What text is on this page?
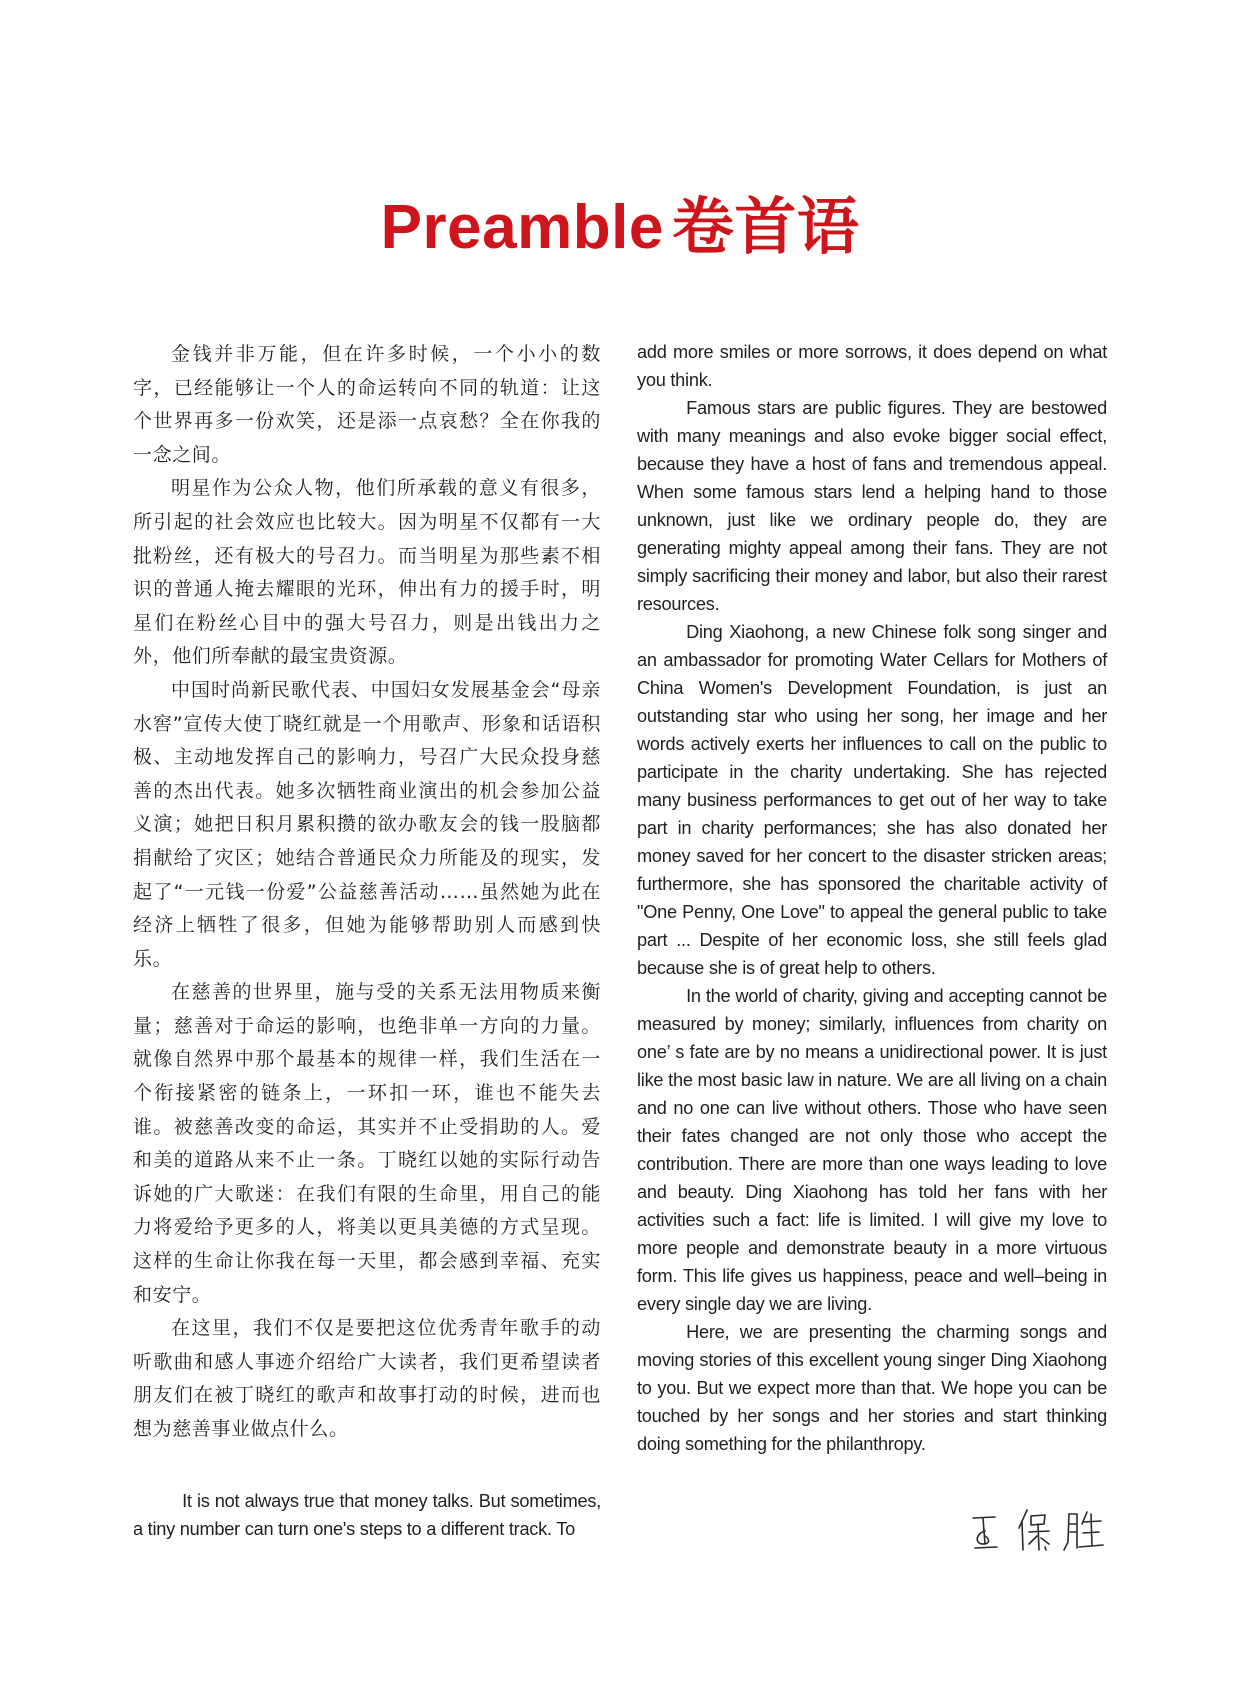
Preamble 卷首语

金钱并非万能，但在许多时候，一个小小的数字，已经能够让一个人的命运转向不同的轨道：让这个世界再多一份欢笑，还是添一点哀愁？全在你我的一念之间。

明星作为公众人物，他们所承载的意义有很多，所引起的社会效应也比较大。因为明星不仅都有一大批粉丝，还有极大的号召力。而当明星为那些素不相识的普通人掩去耀眼的光环，伸出有力的援手时，明星们在粉丝心目中的强大号召力，则是出钱出力之外，他们所奉献的最宝贵资源。

中国时尚新民歌代表、中国妇女发展基金会“母亲水窖”宣传大使丁晓红就是一个用歌声、形象和话语积极、主动地发挥自己的影响力，号召广大民众投身慈善的杰出代表。她多次牺牲商业演出的机会参加公益义演；她把日积月累积攒的欲办歌友会的钱一股脑都捐献给了灾区；她结合普通民众力所能及的现实，发起了“一元钱一份爱”公益慈善活动……虽然她为此在经济上牺牲了很多，但她为能够帮助别人而感到快乐。

在慈善的世界里，施与受的关系无法用物质来衡量；慈善对于命运的影响，也绝非单一方向的力量。就像自然界中那个最基本的规律一样，我们生活在一个衔接紧密的链条上，一环扣一环，谁也不能失去谁。被慈善改变的命运，其实并不止受捐助的人。爱和美的道路从来不止一条。丁晓红以她的实际行动告诉她的广大歌迷：在我们有限的生命里，用自己的能力将爱给予更多的人，将美以更具美德的方式呈现。这样的生命让你我在每一天里，都会感到幸福、充实和安宁。

在这里，我们不仅是要把这位优秀青年歌手的动听歌曲和感人事迹介绍给广大读者，我们更希望读者朋友们在被丁晓红的歌声和故事打动的时候，进而也想为慈善事业做点什么。

It is not always true that money talks. But sometimes, a tiny number can turn one's steps to a different track. To

add more smiles or more sorrows, it does depend on what you think.

Famous stars are public figures. They are bestowed with many meanings and also evoke bigger social effect, because they have a host of fans and tremendous appeal. When some famous stars lend a helping hand to those unknown, just like we ordinary people do, they are generating mighty appeal among their fans. They are not simply sacrificing their money and labor, but also their rarest resources.

Ding Xiaohong, a new Chinese folk song singer and an ambassador for promoting Water Cellars for Mothers of China Women's Development Foundation, is just an outstanding star who using her song, her image and her words actively exerts her influences to call on the public to participate in the charity undertaking. She has rejected many business performances to get out of her way to take part in charity performances; she has also donated her money saved for her concert to the disaster stricken areas; furthermore, she has sponsored the charitable activity of "One Penny, One Love" to appeal the general public to take part ... Despite of her economic loss, she still feels glad because she is of great help to others.

In the world of charity, giving and accepting cannot be measured by money; similarly, influences from charity on one’ s fate are by no means a unidirectional power. It is just like the most basic law in nature. We are all living on a chain and no one can live without others. Those who have seen their fates changed are not only those who accept the contribution. There are more than one ways leading to love and beauty. Ding Xiaohong has told her fans with her activities such a fact: life is limited. I will give my love to more people and demonstrate beauty in a more virtuous form. This life gives us happiness, peace and well–being in every single day we are living.

Here, we are presenting the charming songs and moving stories of this excellent young singer Ding Xiaohong to you. But we expect more than that. We hope you can be touched by her songs and her stories and start thinking doing something for the philanthropy.
